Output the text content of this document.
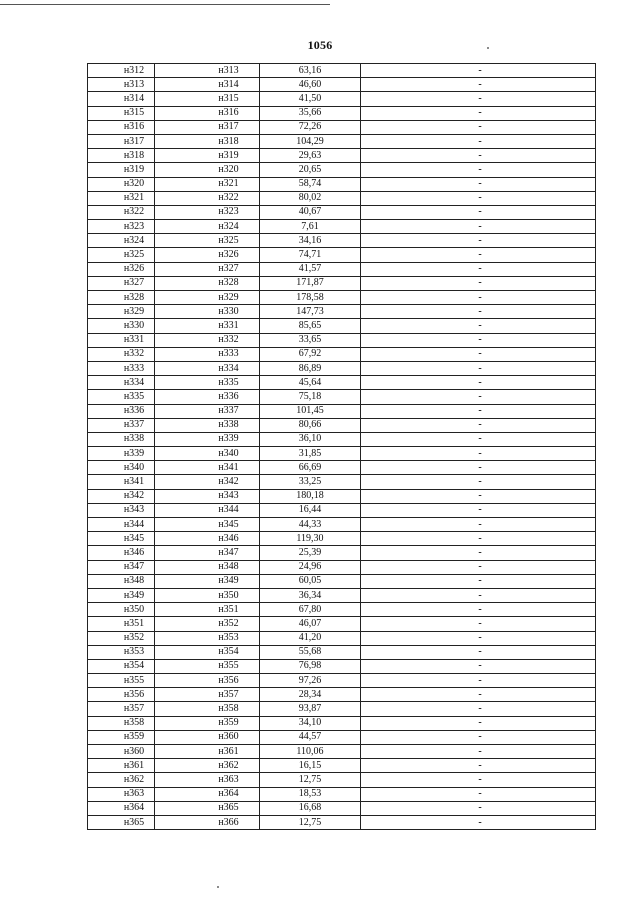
1056
н312	н313	63,16	-
н313	н314	46,60	-
н314	н315	41,50	-
н315	н316	35,66	-
н316	н317	72,26	-
н317	н318	104,29	-
н318	н319	29,63	-
н319	н320	20,65	-
н320	н321	58,74	-
н321	н322	80,02	-
н322	н323	40,67	-
н323	н324	7,61	-
н324	н325	34,16	-
н325	н326	74,71	-
н326	н327	41,57	-
н327	н328	171,87	-
н328	н329	178,58	-
н329	н330	147,73	-
н330	н331	85,65	-
н331	н332	33,65	-
н332	н333	67,92	-
н333	н334	86,89	-
н334	н335	45,64	-
н335	н336	75,18	-
н336	н337	101,45	-
н337	н338	80,66	-
н338	н339	36,10	-
н339	н340	31,85	-
н340	н341	66,69	-
н341	н342	33,25	-
н342	н343	180,18	-
н343	н344	16,44	-
н344	н345	44,33	-
н345	н346	119,30	-
н346	н347	25,39	-
н347	н348	24,96	-
н348	н349	60,05	-
н349	н350	36,34	-
н350	н351	67,80	-
н351	н352	46,07	-
н352	н353	41,20	-
н353	н354	55,68	-
н354	н355	76,98	-
н355	н356	97,26	-
н356	н357	28,34	-
н357	н358	93,87	-
н358	н359	34,10	-
н359	н360	44,57	-
н360	н361	110,06	-
н361	н362	16,15	-
н362	н363	12,75	-
н363	н364	18,53	-
н364	н365	16,68	-
н365	н366	12,75	-
